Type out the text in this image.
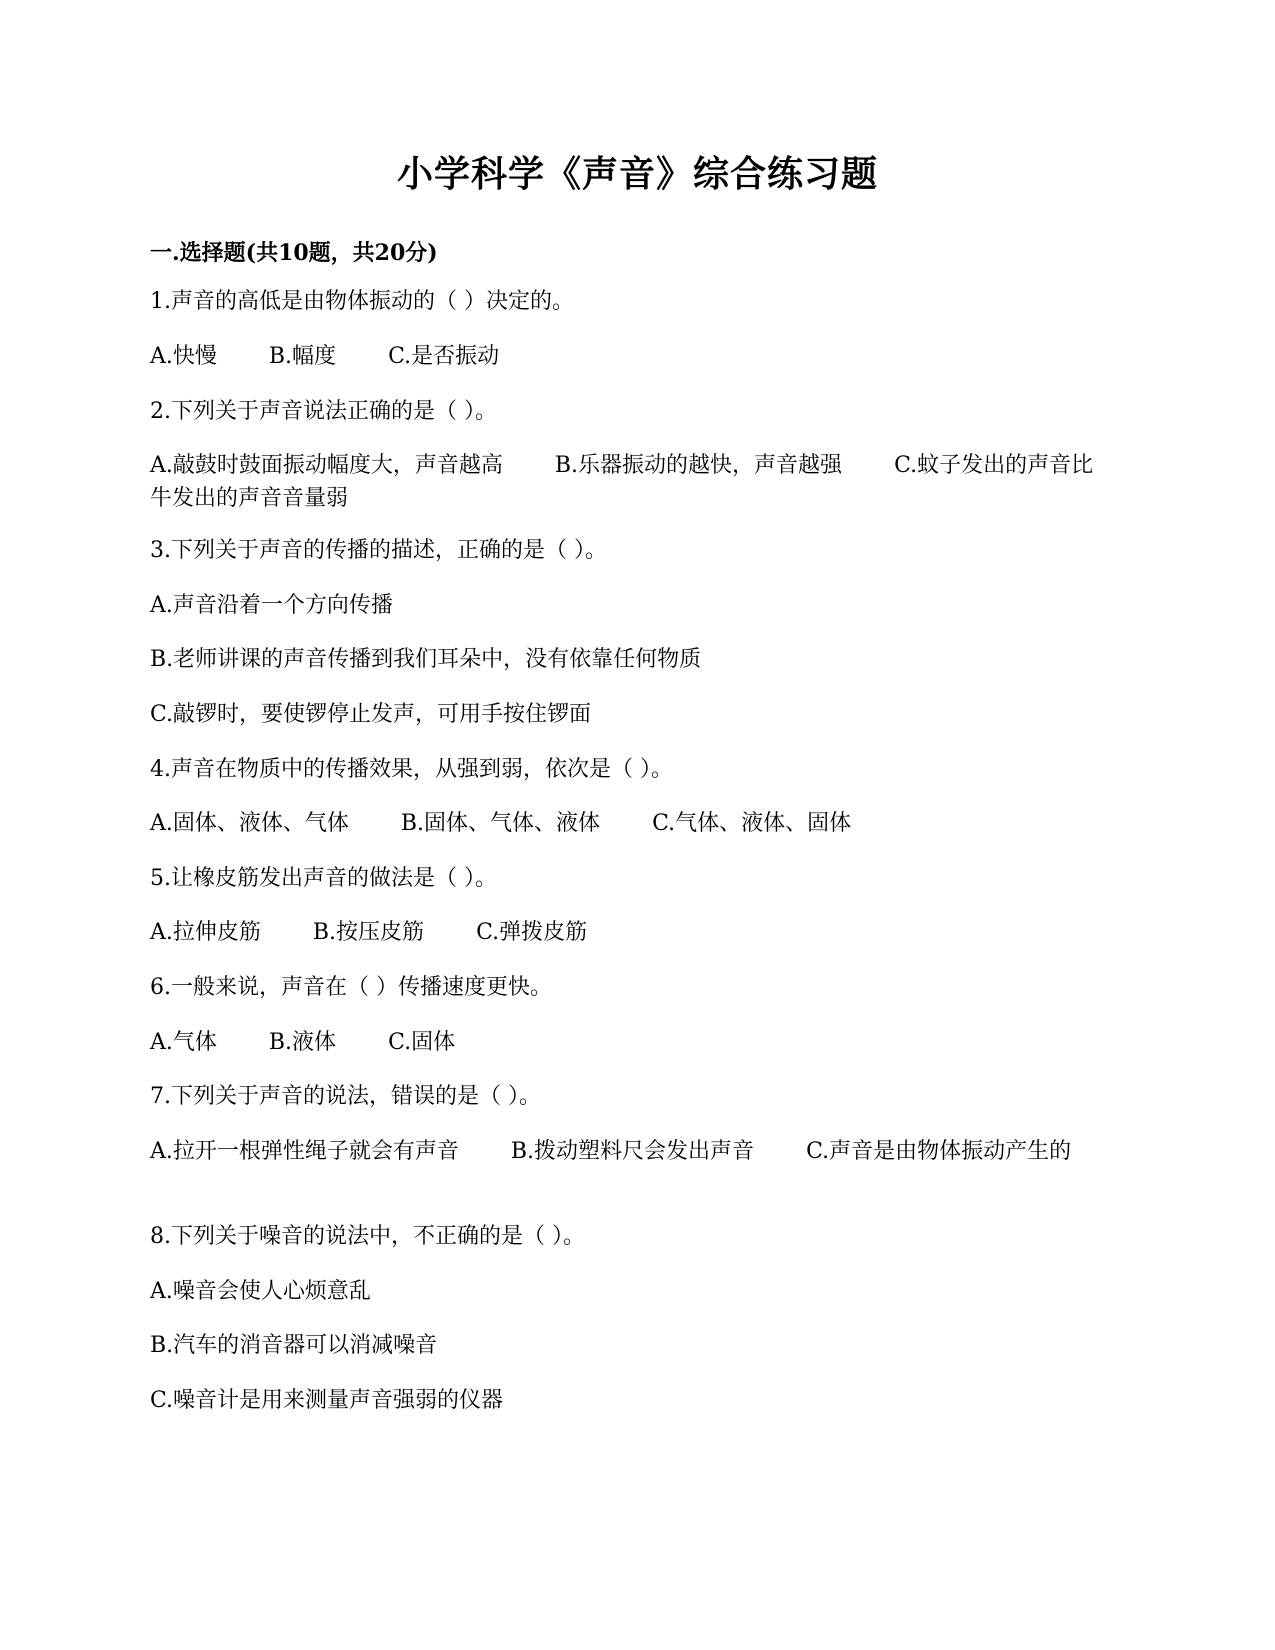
小学科学《声音》综合练习题
一.选择题(共10题，共20分)
1.声音的高低是由物体振动的（ ）决定的。
A.快慢 B.幅度 C.是否振动
2.下列关于声音说法正确的是（ ）。
A.敲鼓时鼓面振动幅度大，声音越高 B.乐器振动的越快，声音越强 C.蚊子发出的声音比牛发出的声音音量弱
3.下列关于声音的传播的描述，正确的是（ ）。
A.声音沿着一个方向传播
B.老师讲课的声音传播到我们耳朵中，没有依靠任何物质
C.敲锣时，要使锣停止发声，可用手按住锣面
4.声音在物质中的传播效果，从强到弱，依次是（ ）。
A.固体、液体、气体 B.固体、气体、液体 C.气体、液体、固体
5.让橡皮筋发出声音的做法是（ ）。
A.拉伸皮筋 B.按压皮筋 C.弹拨皮筋
6.一般来说，声音在（ ）传播速度更快。
A.气体 B.液体 C.固体
7.下列关于声音的说法，错误的是（ ）。
A.拉开一根弹性绳子就会有声音 B.拨动塑料尺会发出声音 C.声音是由物体振动产生的
8.下列关于噪音的说法中，不正确的是（ ）。
A.噪音会使人心烦意乱
B.汽车的消音器可以消减噪音
C.噪音计是用来测量声音强弱的仪器
